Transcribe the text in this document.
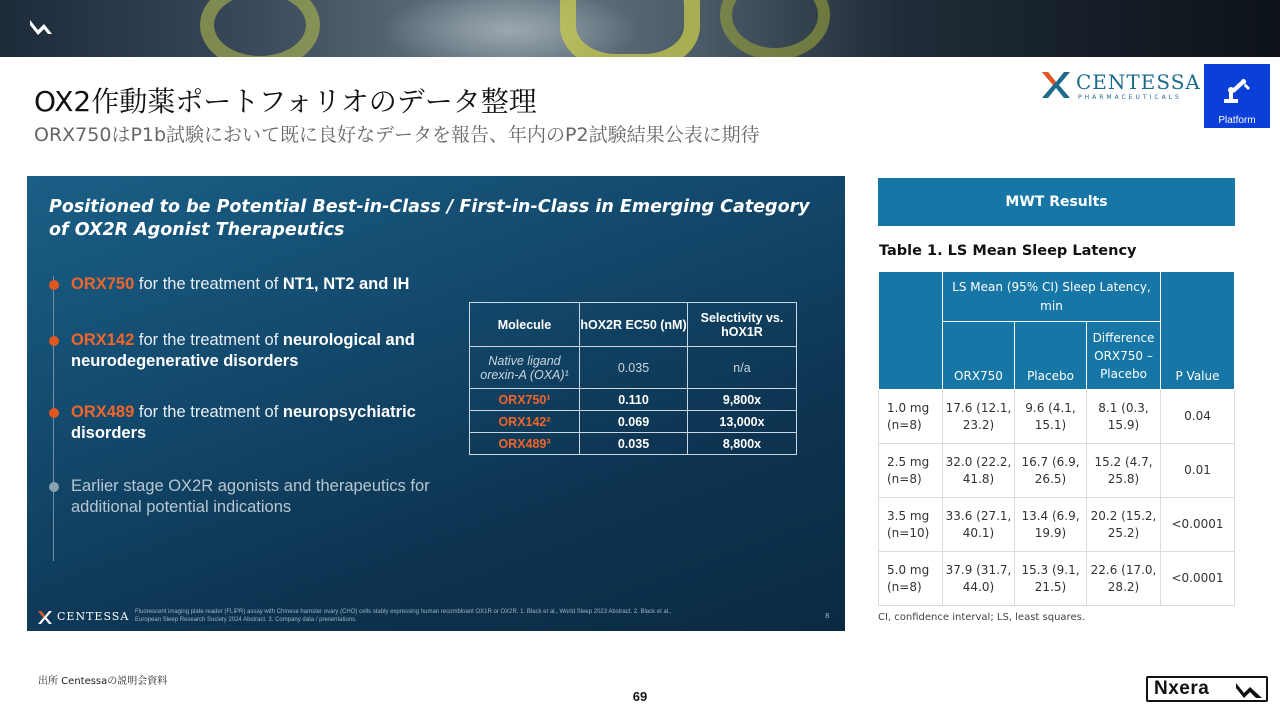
OX2作動薬ポートフォリオのデータ整理
ORX750はP1b試験において既に良好なデータを報告、年内のP2試験結果公表に期待
CENTESSA
PHARMACEUTICALS
Platform
Positioned to be Potential Best-in-Class / First-in-Class in Emerging Category of OX2R Agonist Therapeutics
ORX750 for the treatment of NT1, NT2 and IH
ORX142 for the treatment of neurological and neurodegenerative disorders
ORX489 for the treatment of neuropsychiatric disorders
Earlier stage OX2R agonists and therapeutics for additional potential indications
Molecule	hOX2R EC50 (nM)	Selectivity vs. hOX1R
Native ligand orexin-A (OXA)¹	0.035	n/a
ORX750¹	0.110	9,800x
ORX142²	0.069	13,000x
ORX489³	0.035	8,800x
CENTESSA Fluorescent imaging plate reader (FLIPR) assay with Chinese hamster ovary (CHO) cells stably expressing human recombinant OX1R or OX2R. 1. Black et al., World Sleep 2023 Abstract. 2. Black et al., European Sleep Research Society 2024 Abstract. 3. Company data / presentations.	8
MWT Results
Table 1. LS Mean Sleep Latency
	LS Mean (95% CI) Sleep Latency, min			P Value
	ORX750	Placebo	Difference ORX750 – Placebo	
1.0 mg (n=8)	17.6 (12.1, 23.2)	9.6 (4.1, 15.1)	8.1 (0.3, 15.9)	0.04
2.5 mg (n=8)	32.0 (22.2, 41.8)	16.7 (6.9, 26.5)	15.2 (4.7, 25.8)	0.01
3.5 mg (n=10)	33.6 (27.1, 40.1)	13.4 (6.9, 19.9)	20.2 (15.2, 25.2)	<0.0001
5.0 mg (n=8)	37.9 (31.7, 44.0)	15.3 (9.1, 21.5)	22.6 (17.0, 28.2)	<0.0001
CI, confidence interval; LS, least squares.
出所 Centessaの説明会資料
69	Nxera
